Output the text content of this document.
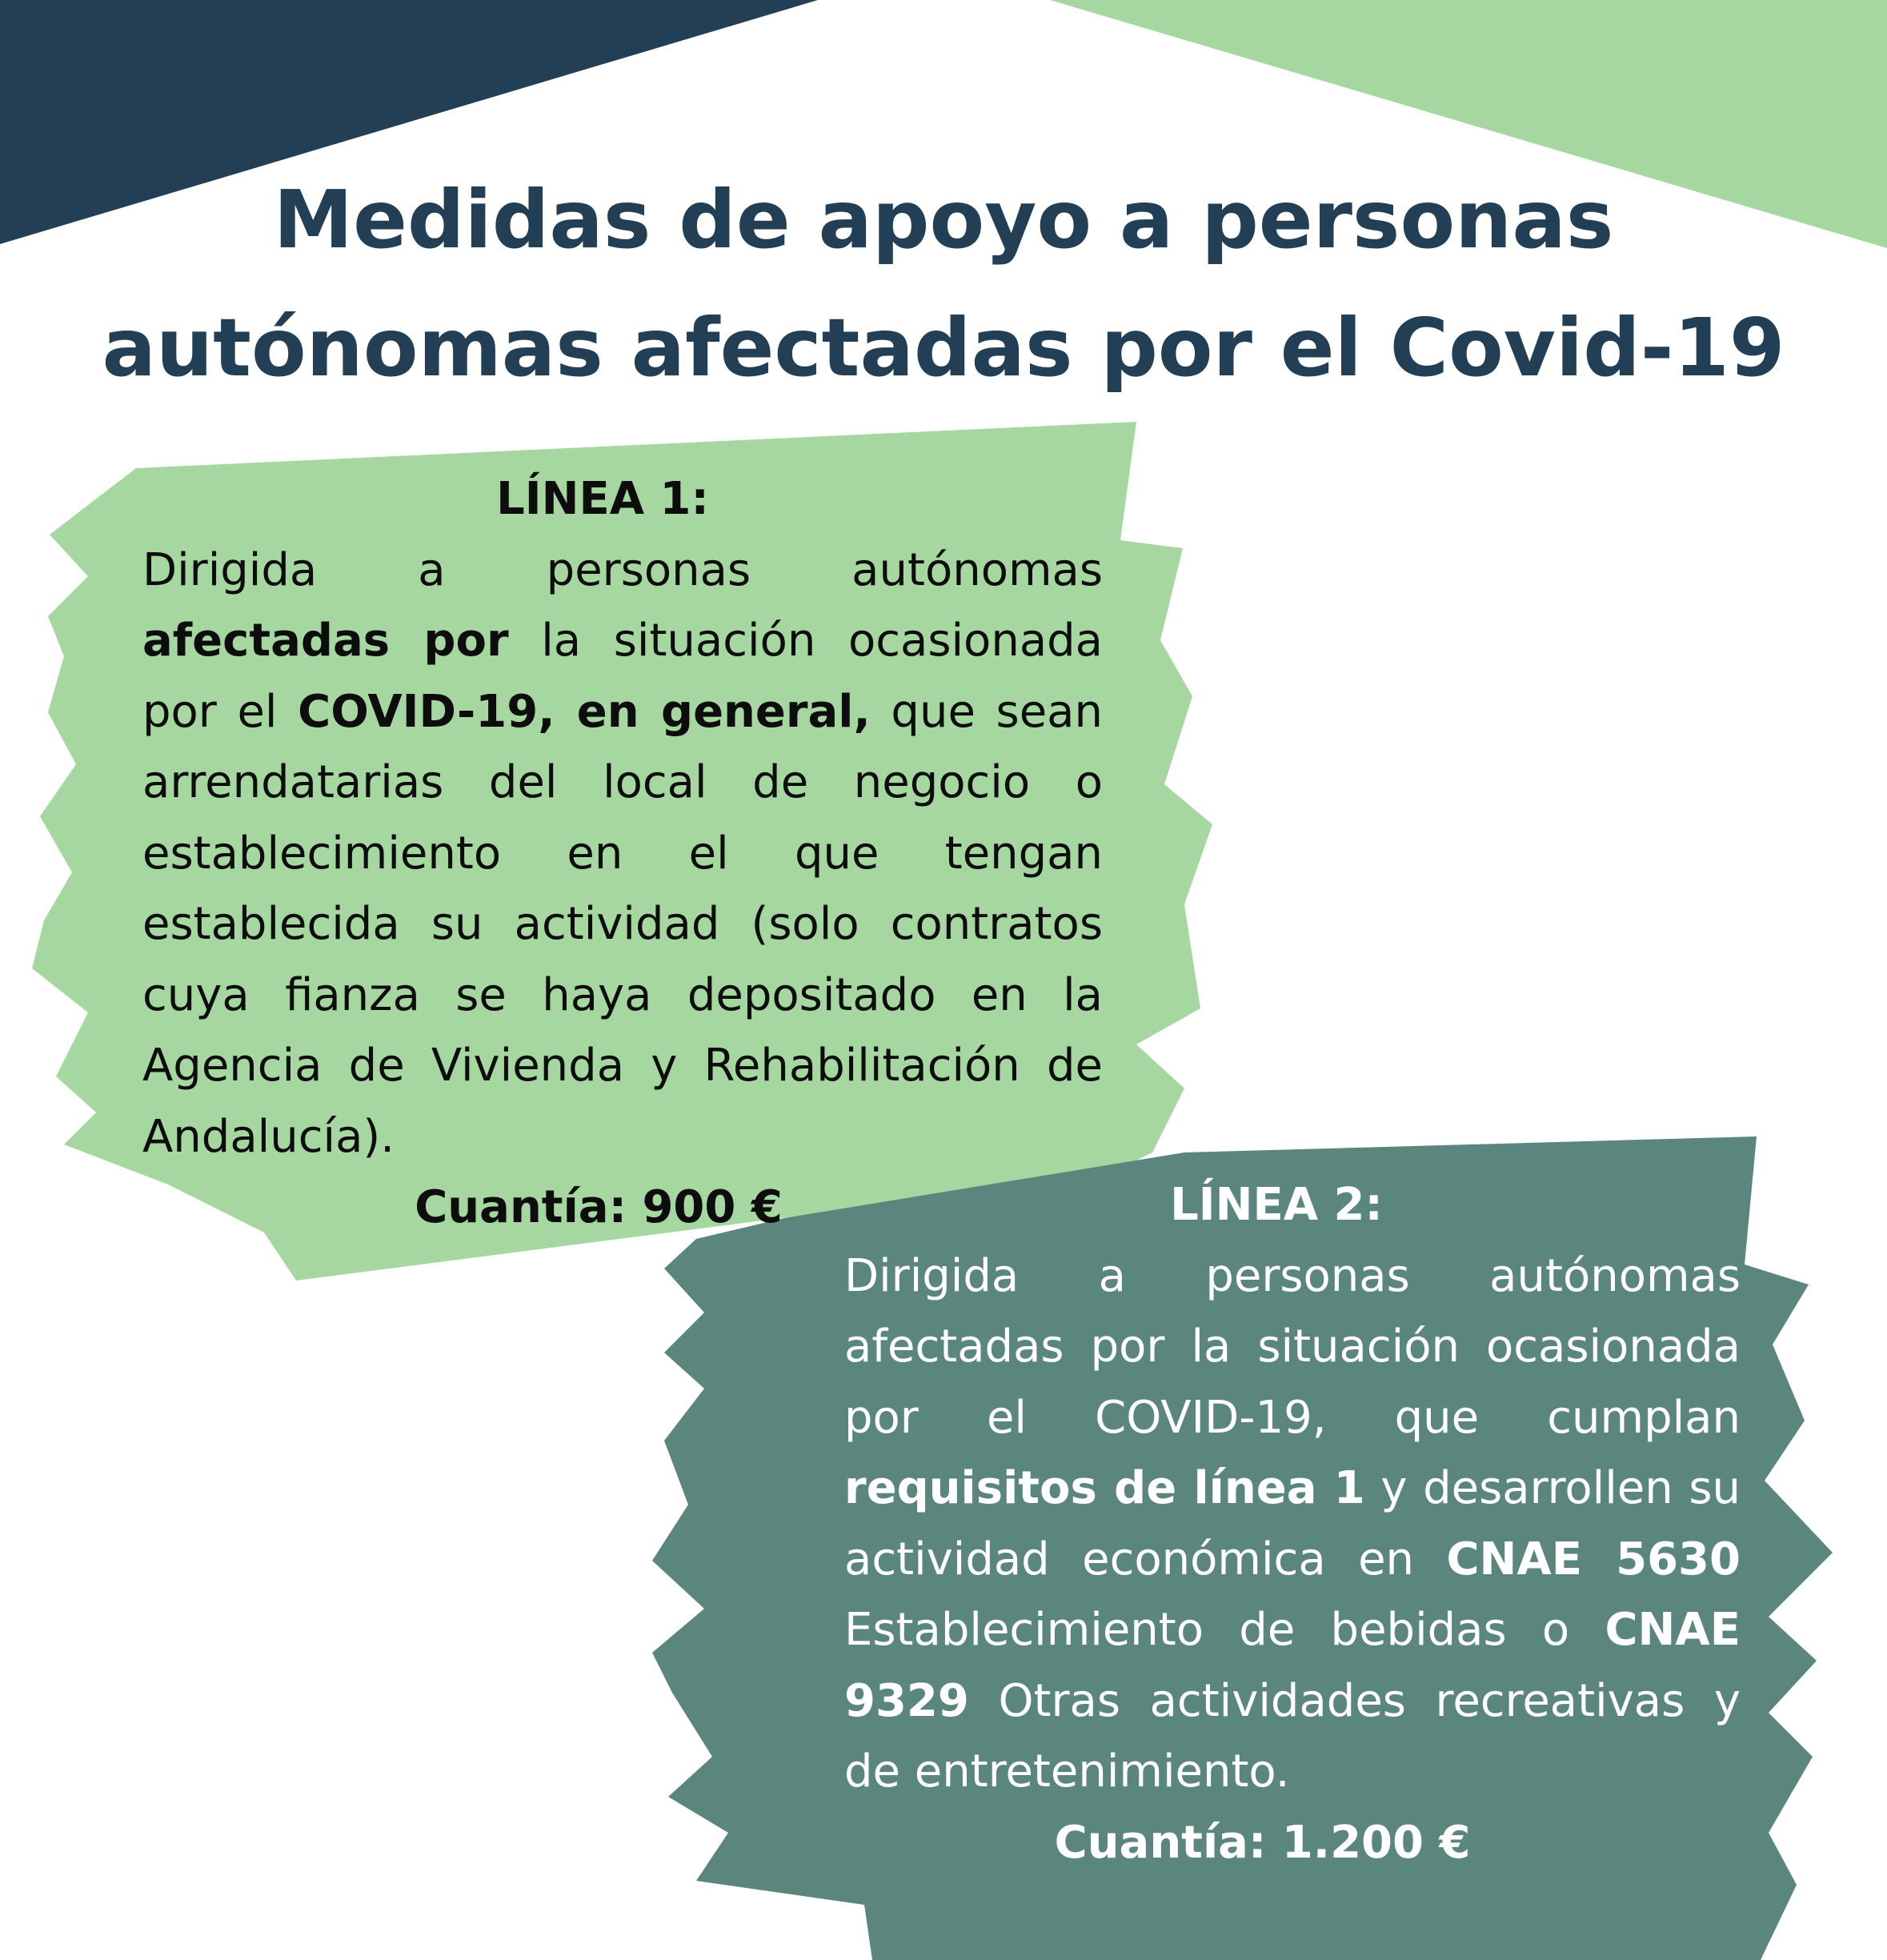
Medidas de apoyo a personas
autónomas afectadas por el Covid-19
LÍNEA 1:

Dirigida a personas autónomas afectadas por la situación ocasionada por el COVID-19, en general, que sean arrendatarias del local de negocio o establecimiento en el que tengan establecida su actividad (solo contratos cuya fianza se haya depositado en la Agencia de Vivienda y Rehabilitación de Andalucía).

Cuantía: 900 €	LÍNEA 2:

Dirigida a personas autónomas afectadas por la situación ocasionada por el COVID-19, que cumplan requisitos de línea 1 y desarrollen su actividad económica en CNAE 5630 Establecimiento de bebidas o CNAE 9329 Otras actividades recreativas y de entretenimiento.

Cuantía: 1.200 €
